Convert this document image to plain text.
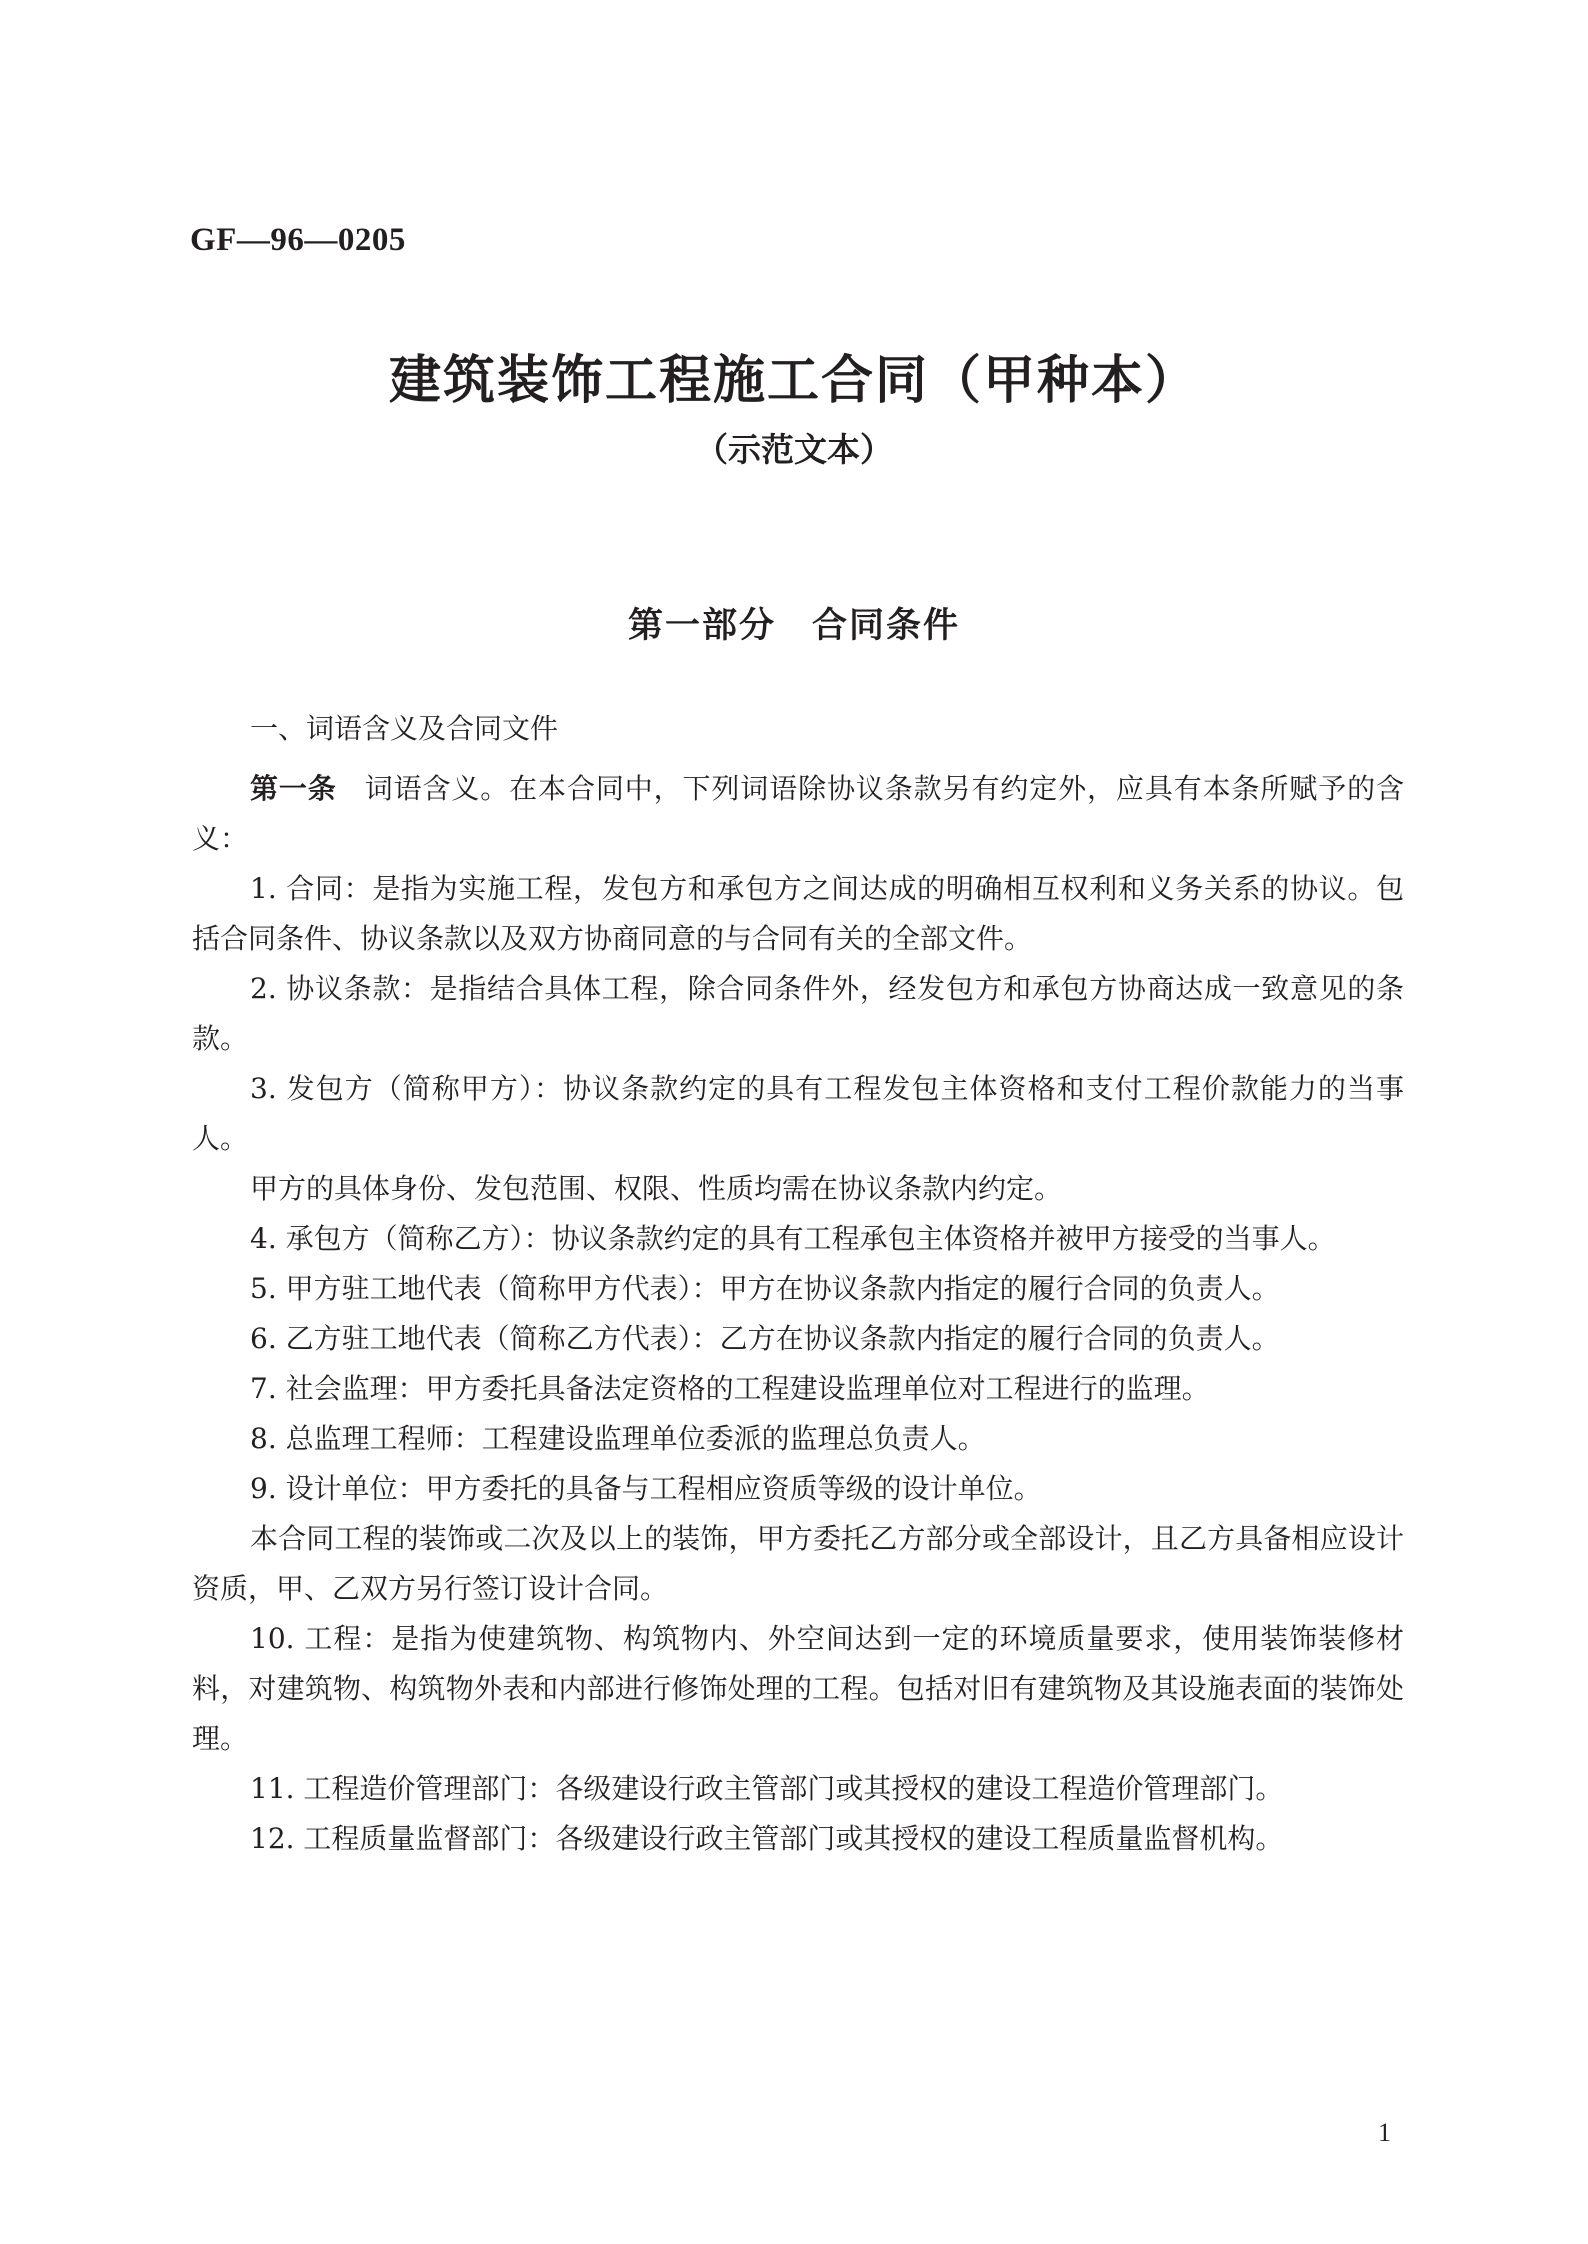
GF—96—0205
建筑装饰工程施工合同（甲种本）
（示范文本）
第一部分 合同条件

一、词语含义及合同文件

第一条 词语含义。在本合同中，下列词语除协议条款另有约定外，应具有本条所赋予的含义：

1. 合同：是指为实施工程，发包方和承包方之间达成的明确相互权利和义务关系的协议。包括合同条件、协议条款以及双方协商同意的与合同有关的全部文件。

2. 协议条款：是指结合具体工程，除合同条件外，经发包方和承包方协商达成一致意见的条款。

3. 发包方（简称甲方）：协议条款约定的具有工程发包主体资格和支付工程价款能力的当事人。

甲方的具体身份、发包范围、权限、性质均需在协议条款内约定。

4. 承包方（简称乙方）：协议条款约定的具有工程承包主体资格并被甲方接受的当事人。

5. 甲方驻工地代表（简称甲方代表）：甲方在协议条款内指定的履行合同的负责人。

6. 乙方驻工地代表（简称乙方代表）：乙方在协议条款内指定的履行合同的负责人。

7. 社会监理：甲方委托具备法定资格的工程建设监理单位对工程进行的监理。

8. 总监理工程师：工程建设监理单位委派的监理总负责人。

9. 设计单位：甲方委托的具备与工程相应资质等级的设计单位。

本合同工程的装饰或二次及以上的装饰，甲方委托乙方部分或全部设计，且乙方具备相应设计资质，甲、乙双方另行签订设计合同。

10. 工程：是指为使建筑物、构筑物内、外空间达到一定的环境质量要求，使用装饰装修材料，对建筑物、构筑物外表和内部进行修饰处理的工程。包括对旧有建筑物及其设施表面的装饰处理。

11. 工程造价管理部门：各级建设行政主管部门或其授权的建设工程造价管理部门。

12. 工程质量监督部门：各级建设行政主管部门或其授权的建设工程质量监督机构。

1
